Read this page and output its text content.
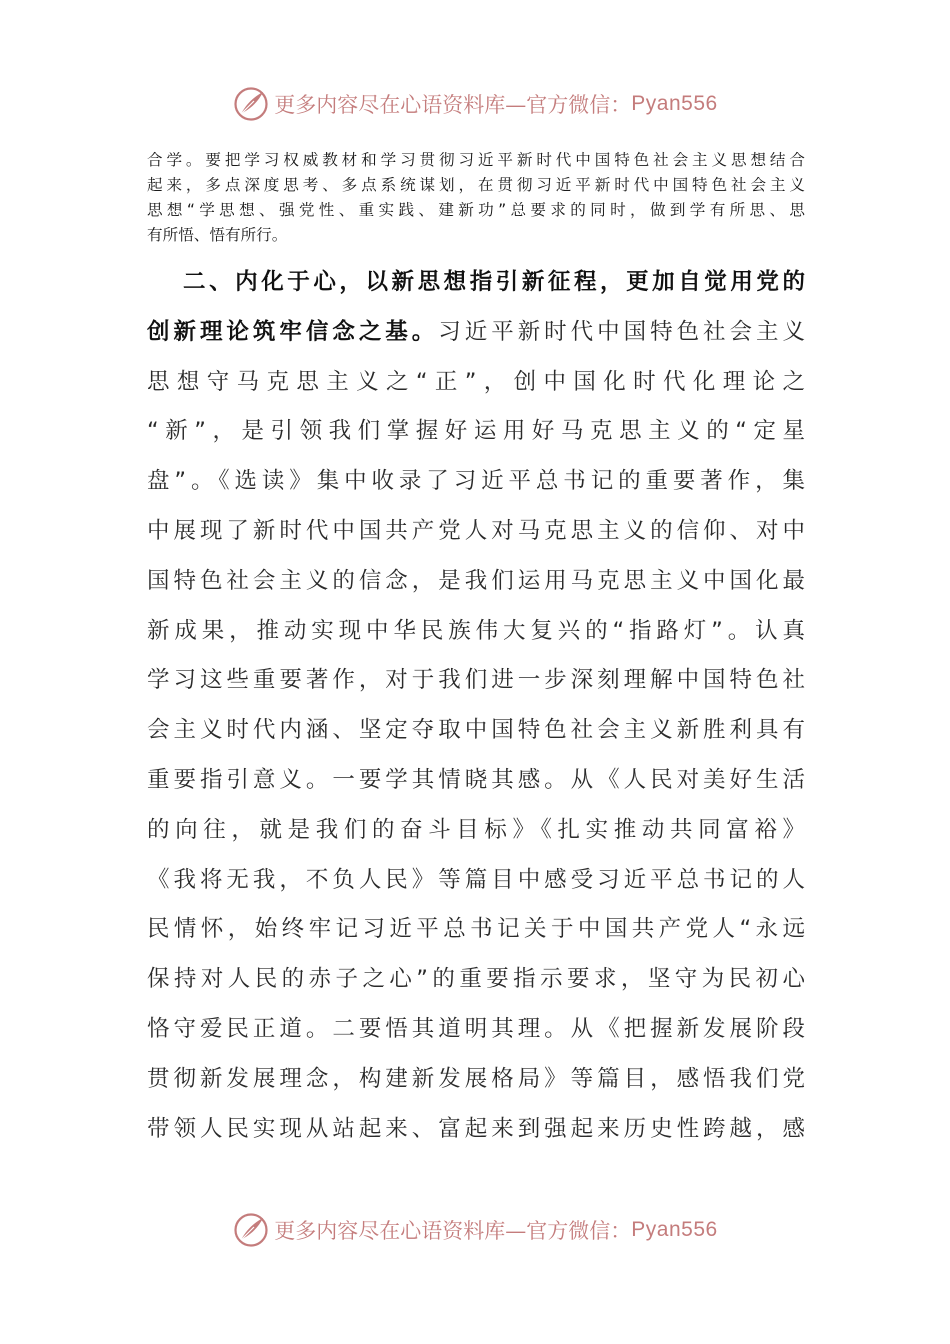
更多内容尽在心语资料库—官方微信： Pyan556
合学。要把学习权威教材和学习贯彻习近平新时代中国特色社会主义思想结合
起来，多点深度思考、多点系统谋划，在贯彻习近平新时代中国特色社会主义
思想“学思想、强党性、重实践、建新功”总要求的同时，做到学有所思、思
有所悟、悟有所行。
二、内化于心，以新思想指引新征程，更加自觉用党的
创新理论筑牢信念之基。习近平新时代中国特色社会主义
思想守马克思主义之“正”，创中国化时代化理论之
“新”，是引领我们掌握好运用好马克思主义的“定星
盘”。《选读》集中收录了习近平总书记的重要著作，集
中展现了新时代中国共产党人对马克思主义的信仰、对中
国特色社会主义的信念，是我们运用马克思主义中国化最
新成果，推动实现中华民族伟大复兴的“指路灯”。认真
学习这些重要著作，对于我们进一步深刻理解中国特色社
会主义时代内涵、坚定夺取中国特色社会主义新胜利具有
重要指引意义。一要学其情晓其感。从《人民对美好生活
的向往，就是我们的奋斗目标》《扎实推动共同富裕》
《我将无我，不负人民》等篇目中感受习近平总书记的人
民情怀，始终牢记习近平总书记关于中国共产党人“永远
保持对人民的赤子之心”的重要指示要求，坚守为民初心
恪守爱民正道。二要悟其道明其理。从《把握新发展阶段
贯彻新发展理念，构建新发展格局》等篇目，感悟我们党
带领人民实现从站起来、富起来到强起来历史性跨越，感
更多内容尽在心语资料库—官方微信： Pyan556
